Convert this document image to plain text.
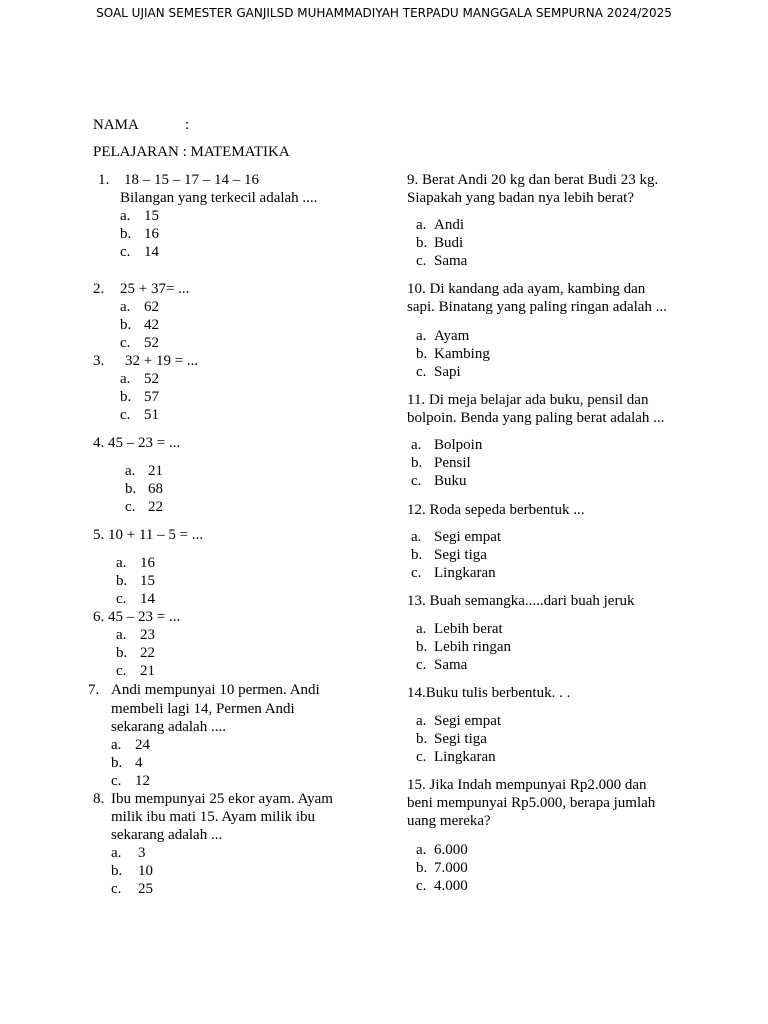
SOAL UJIAN SEMESTER GANJILSD MUHAMMADIYAH TERPADU MANGGALA SEMPURNA 2024/2025
NAMA	:
PELAJARAN : MATEMATIKA
1. 18 – 15 – 17 – 14 – 16
Bilangan yang terkecil adalah ....
a. 15
b. 16
c. 14
2. 25 + 37= ...
a. 62
b. 42
c. 52
3. 32 + 19 = ...
a. 52
b. 57
c. 51
4. 45 – 23 = ...
a. 21
b. 68
c. 22
5. 10 + 11 – 5 = ...
a. 16
b. 15
c. 14
6. 45 – 23 = ...
a. 23
b. 22
c. 21
7. Andi mempunyai 10 permen. Andi
membeli lagi 14, Permen Andi
sekarang adalah ....
a. 24
b. 4
c. 12
8. Ibu mempunyai 25 ekor ayam. Ayam
milik ibu mati 15. Ayam milik ibu
sekarang adalah ...
a. 3
b. 10
c. 25
9. Berat Andi 20 kg dan berat Budi 23 kg.
Siapakah yang badan nya lebih berat?
a. Andi
b. Budi
c. Sama
10. Di kandang ada ayam, kambing dan
sapi. Binatang yang paling ringan adalah ...
a. Ayam
b. Kambing
c. Sapi
11. Di meja belajar ada buku, pensil dan
bolpoin. Benda yang paling berat adalah ...
a. Bolpoin
b. Pensil
c. Buku
12. Roda sepeda berbentuk ...
a. Segi empat
b. Segi tiga
c. Lingkaran
13. Buah semangka.....dari buah jeruk
a. Lebih berat
b. Lebih ringan
c. Sama
14.Buku tulis berbentuk. . .
a. Segi empat
b. Segi tiga
c. Lingkaran
15. Jika Indah mempunyai Rp2.000 dan
beni mempunyai Rp5.000, berapa jumlah
uang mereka?
a. 6.000
b. 7.000
c. 4.000
